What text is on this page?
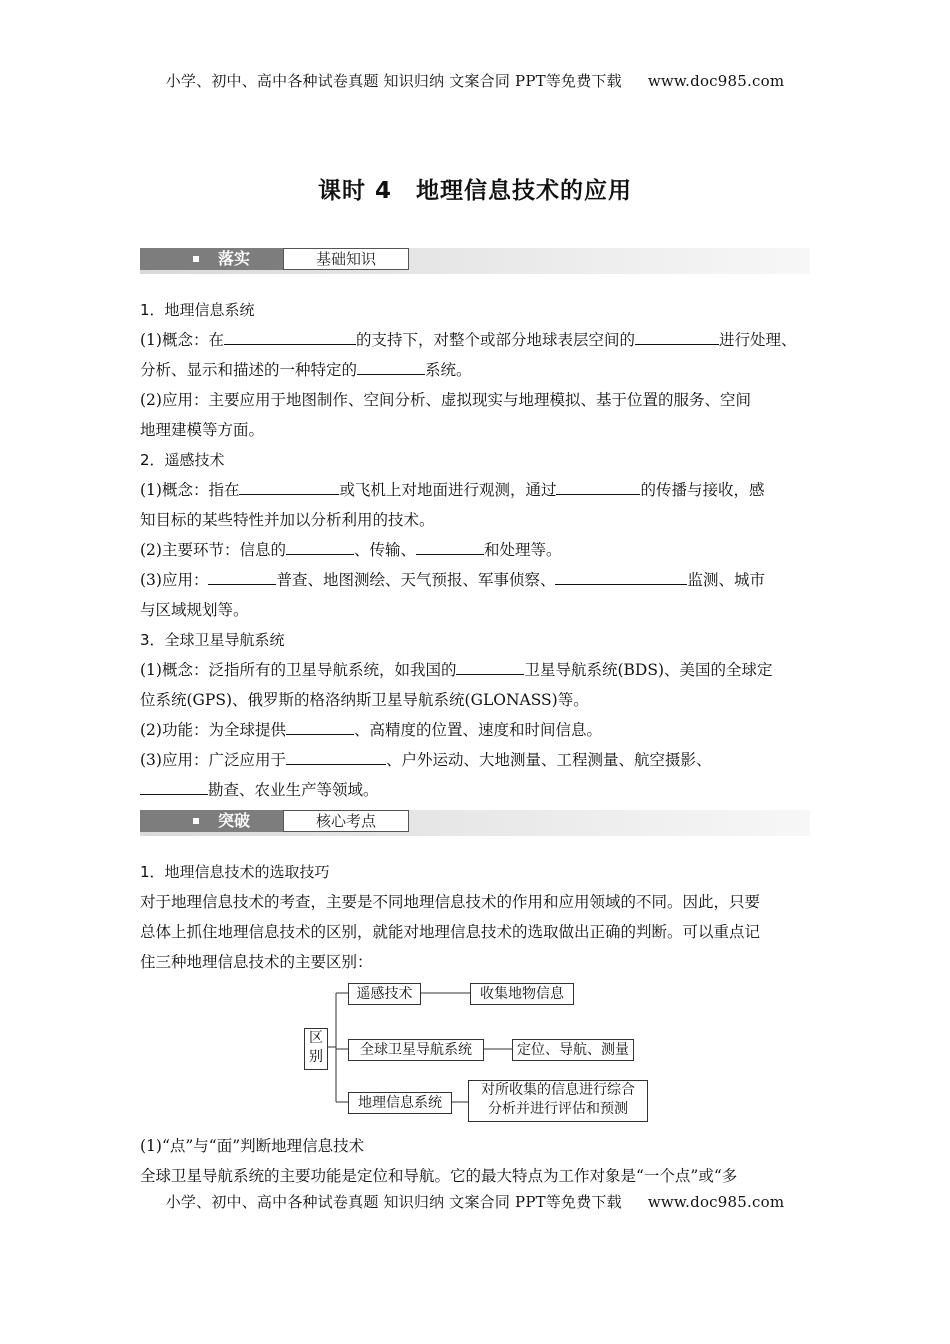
小学、初中、高中各种试卷真题 知识归纳 文案合同 PPT等免费下载 www.doc985.com
课时 4　地理信息技术的应用
落实	基础知识
1．地理信息系统
(1)概念：在	的支持下，对整个或部分地球表层空间的	进行处理、
分析、显示和描述的一种特定的	系统。
(2)应用：主要应用于地图制作、空间分析、虚拟现实与地理模拟、基于位置的服务、空间
地理建模等方面。
2．遥感技术
(1)概念：指在	或飞机上对地面进行观测，通过	的传播与接收，感
知目标的某些特性并加以分析利用的技术。
(2)主要环节：信息的	、传输、	和处理等。
(3)应用：	普查、地图测绘、天气预报、军事侦察、	监测、城市
与区域规划等。
3．全球卫星导航系统
(1)概念：泛指所有的卫星导航系统，如我国的	卫星导航系统(BDS)、美国的全球定
位系统(GPS)、俄罗斯的格洛纳斯卫星导航系统(GLONASS)等。
(2)功能：为全球提供	、高精度的位置、速度和时间信息。
(3)应用：广泛应用于	、户外运动、大地测量、工程测量、航空摄影、
勘查、农业生产等领域。
突破	核心考点
1．地理信息技术的选取技巧
对于地理信息技术的考查，主要是不同地理信息技术的作用和应用领域的不同。因此，只要
总体上抓住地理信息技术的区别，就能对地理信息技术的选取做出正确的判断。可以重点记
住三种地理信息技术的主要区别：
区别
遥感技术	收集地物信息
全球卫星导航系统	定位、导航、测量
地理信息系统
对所收集的信息进行综合
分析并进行评估和预测
(1)“点”与“面”判断地理信息技术
全球卫星导航系统的主要功能是定位和导航。它的最大特点为工作对象是“一个点”或“多
小学、初中、高中各种试卷真题 知识归纳 文案合同 PPT等免费下载 www.doc985.com
